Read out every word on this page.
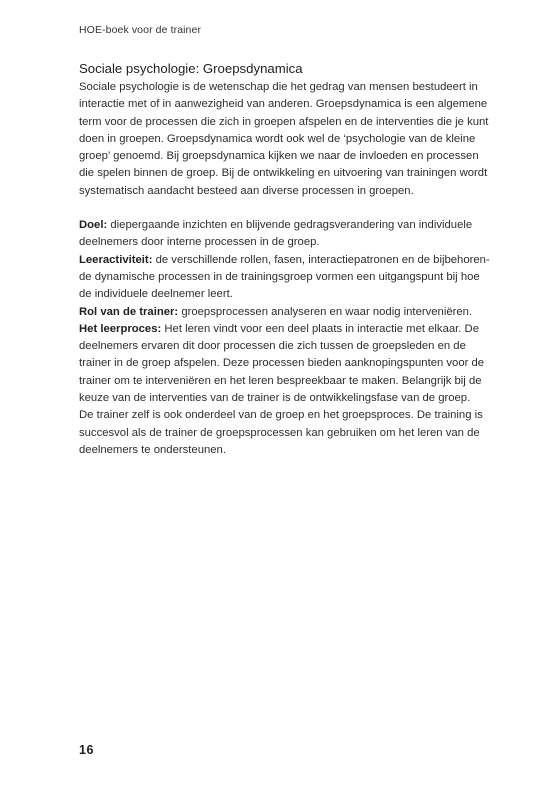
HOE-boek voor de trainer
Sociale psychologie: Groepsdynamica

Sociale psychologie is de wetenschap die het gedrag van mensen bestudeert in

interactie met of in aanwezigheid van anderen. Groepsdynamica is een algemene

term voor de processen die zich in groepen afspelen en de interventies die je kunt

doen in groepen. Groepsdynamica wordt ook wel de ‘psychologie van de kleine

groep’ genoemd. Bij groepsdynamica kijken we naar de invloeden en processen

die spelen binnen de groep. Bij de ontwikkeling en uitvoering van trainingen wordt

systematisch aandacht besteed aan diverse processen in groepen.

Doel: diepergaande inzichten en blijvende gedragsverandering van individuele

deelnemers door interne processen in de groep.

Leeractiviteit: de verschillende rollen, fasen, interactiepatronen en de bijbehoren-

de dynamische processen in de trainingsgroep vormen een uitgangspunt bij hoe

de individuele deelnemer leert.

Rol van de trainer: groepsprocessen analyseren en waar nodig interveniëren.

Het leerproces: Het leren vindt voor een deel plaats in interactie met elkaar. De

deelnemers ervaren dit door processen die zich tussen de groepsleden en de

trainer in de groep afspelen. Deze processen bieden aanknopingspunten voor de

trainer om te interveniëren en het leren bespreekbaar te maken. Belangrijk bij de

keuze van de interventies van de trainer is de ontwikkelingsfase van de groep.

De trainer zelf is ook onderdeel van de groep en het groepsproces. De training is

succesvol als de trainer de groepsprocessen kan gebruiken om het leren van de

deelnemers te ondersteunen.

16
